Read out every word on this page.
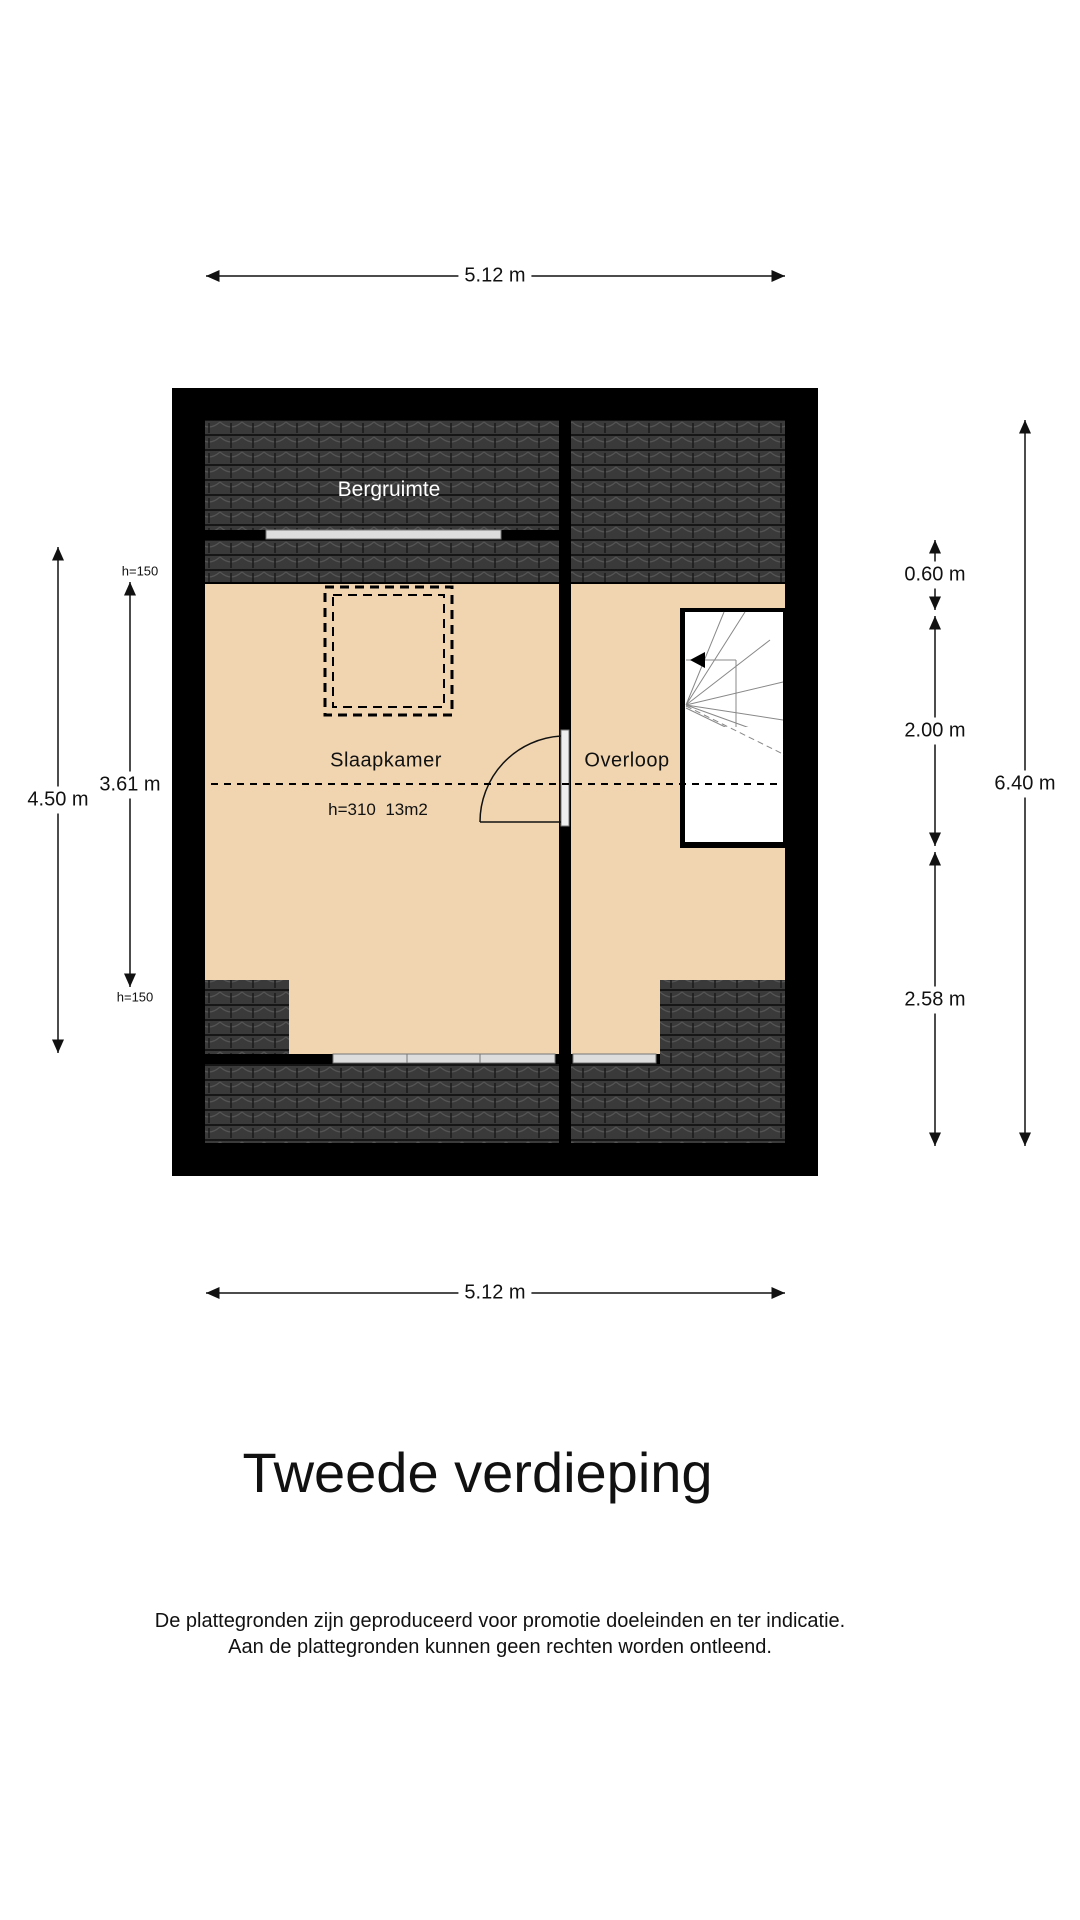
5.12 m
5.12 m
4.50 m
3.61 m
h=150
h=150
0.60 m
2.00 m
2.58 m
6.40 m
Bergruimte
Slaapkamer
h=310  13m2
Overloop
Tweede verdieping
De plattegronden zijn geproduceerd voor promotie doeleinden en ter indicatie.
Aan de plattegronden kunnen geen rechten worden ontleend.
